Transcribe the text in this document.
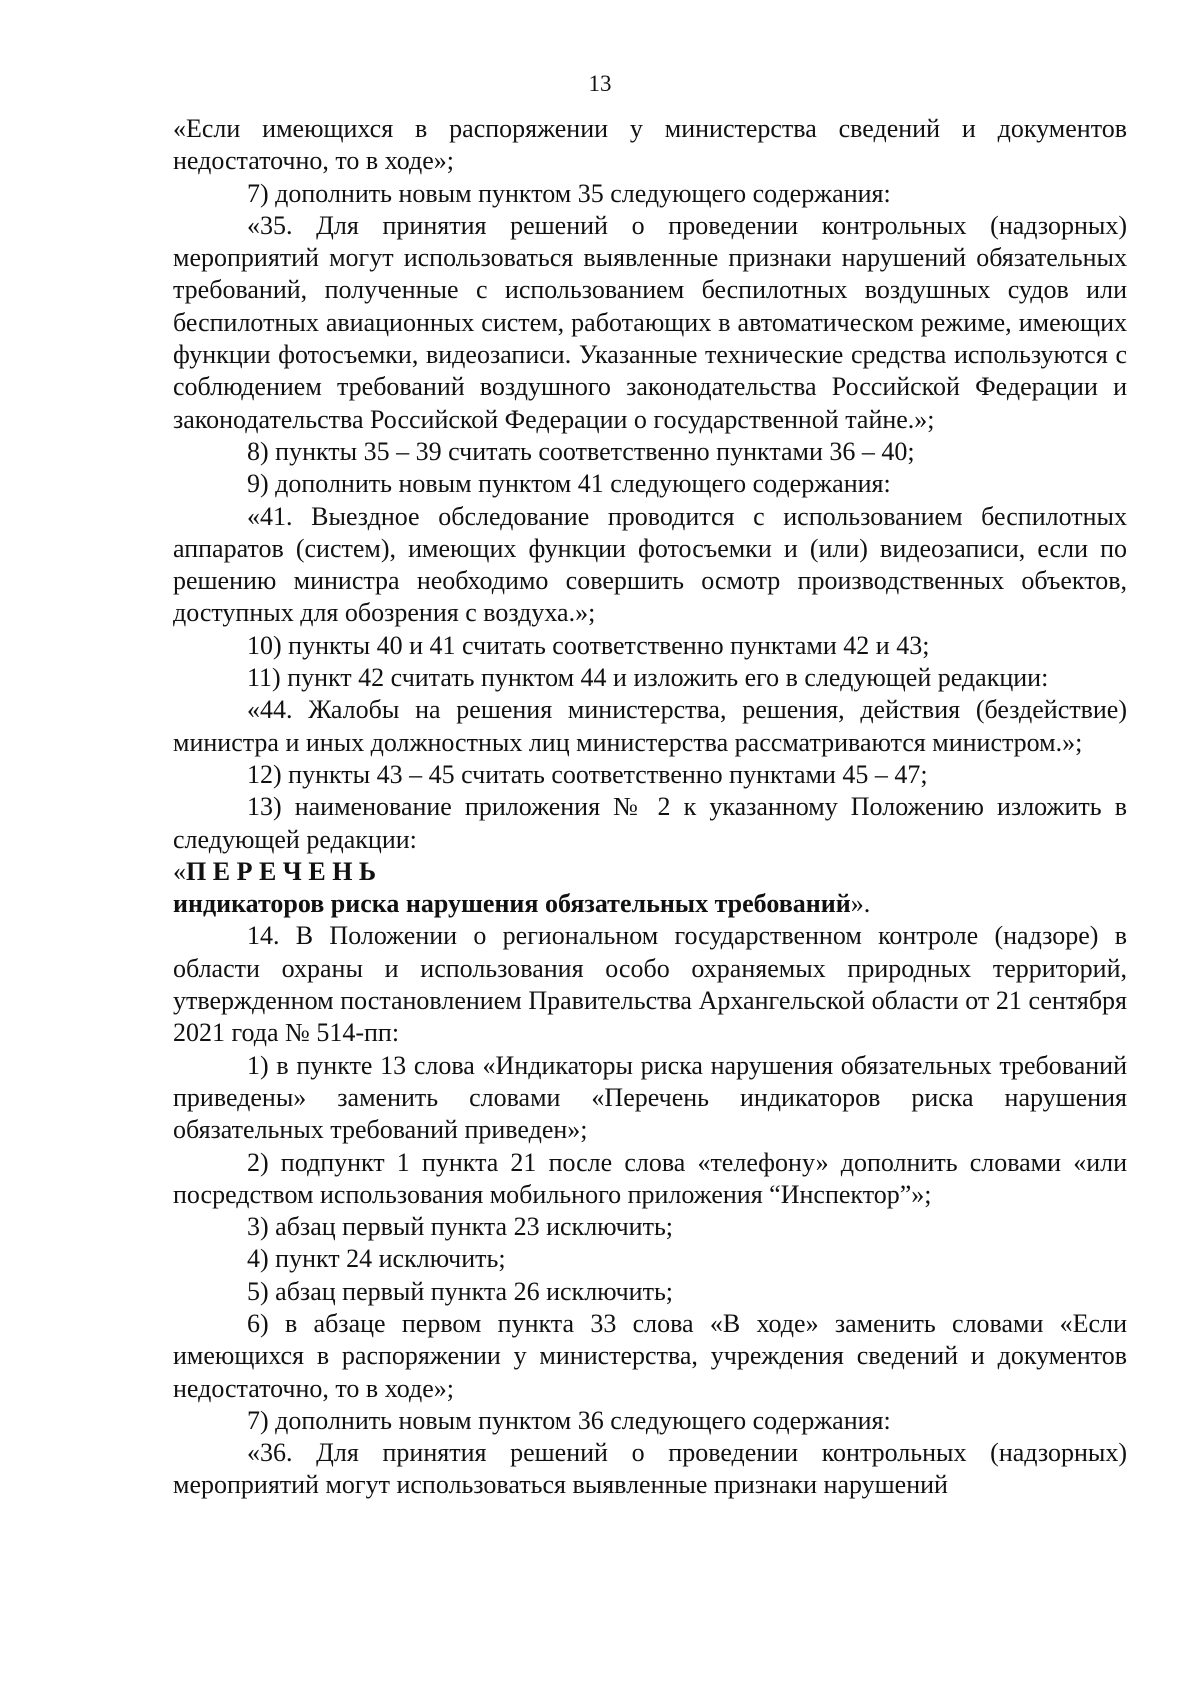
13

«Если имеющихся в распоряжении у министерства сведений и документов недостаточно, то в ходе»;

7) дополнить новым пунктом 35 следующего содержания:

«35. Для принятия решений о проведении контрольных (надзорных) мероприятий могут использоваться выявленные признаки нарушений обязательных требований, полученные с использованием беспилотных воздушных судов или беспилотных авиационных систем, работающих в автоматическом режиме, имеющих функции фотосъемки, видеозаписи. Указанные технические средства используются с соблюдением требований воздушного законодательства Российской Федерации и законодательства Российской Федерации о государственной тайне.»;

8) пункты 35 – 39 считать соответственно пунктами 36 – 40;

9) дополнить новым пунктом 41 следующего содержания:

«41. Выездное обследование проводится с использованием беспилотных аппаратов (систем), имеющих функции фотосъемки и (или) видеозаписи, если по решению министра необходимо совершить осмотр производственных объектов, доступных для обозрения с воздуха.»;

10) пункты 40 и 41 считать соответственно пунктами 42 и 43;

11) пункт 42 считать пунктом 44 и изложить его в следующей редакции:

«44. Жалобы на решения министерства, решения, действия (бездействие) министра и иных должностных лиц министерства рассматриваются министром.»;

12) пункты 43 – 45 считать соответственно пунктами 45 – 47;

13) наименование приложения № 2 к указанному Положению изложить в следующей редакции:

«П Е Р Е Ч Е Н Ь

индикаторов риска нарушения обязательных требований».

14. В Положении о региональном государственном контроле (надзоре) в области охраны и использования особо охраняемых природных территорий, утвержденном постановлением Правительства Архангельской области от 21 сентября 2021 года № 514-пп:

1) в пункте 13 слова «Индикаторы риска нарушения обязательных требований приведены» заменить словами «Перечень индикаторов риска нарушения обязательных требований приведен»;

2) подпункт 1 пункта 21 после слова «телефону» дополнить словами «или посредством использования мобильного приложения “Инспектор”»;

3) абзац первый пункта 23 исключить;

4) пункт 24 исключить;

5) абзац первый пункта 26 исключить;

6) в абзаце первом пункта 33 слова «В ходе» заменить словами «Если имеющихся в распоряжении у министерства, учреждения сведений и документов недостаточно, то в ходе»;

7) дополнить новым пунктом 36 следующего содержания:

«36. Для принятия решений о проведении контрольных (надзорных) мероприятий могут использоваться выявленные признаки нарушений
